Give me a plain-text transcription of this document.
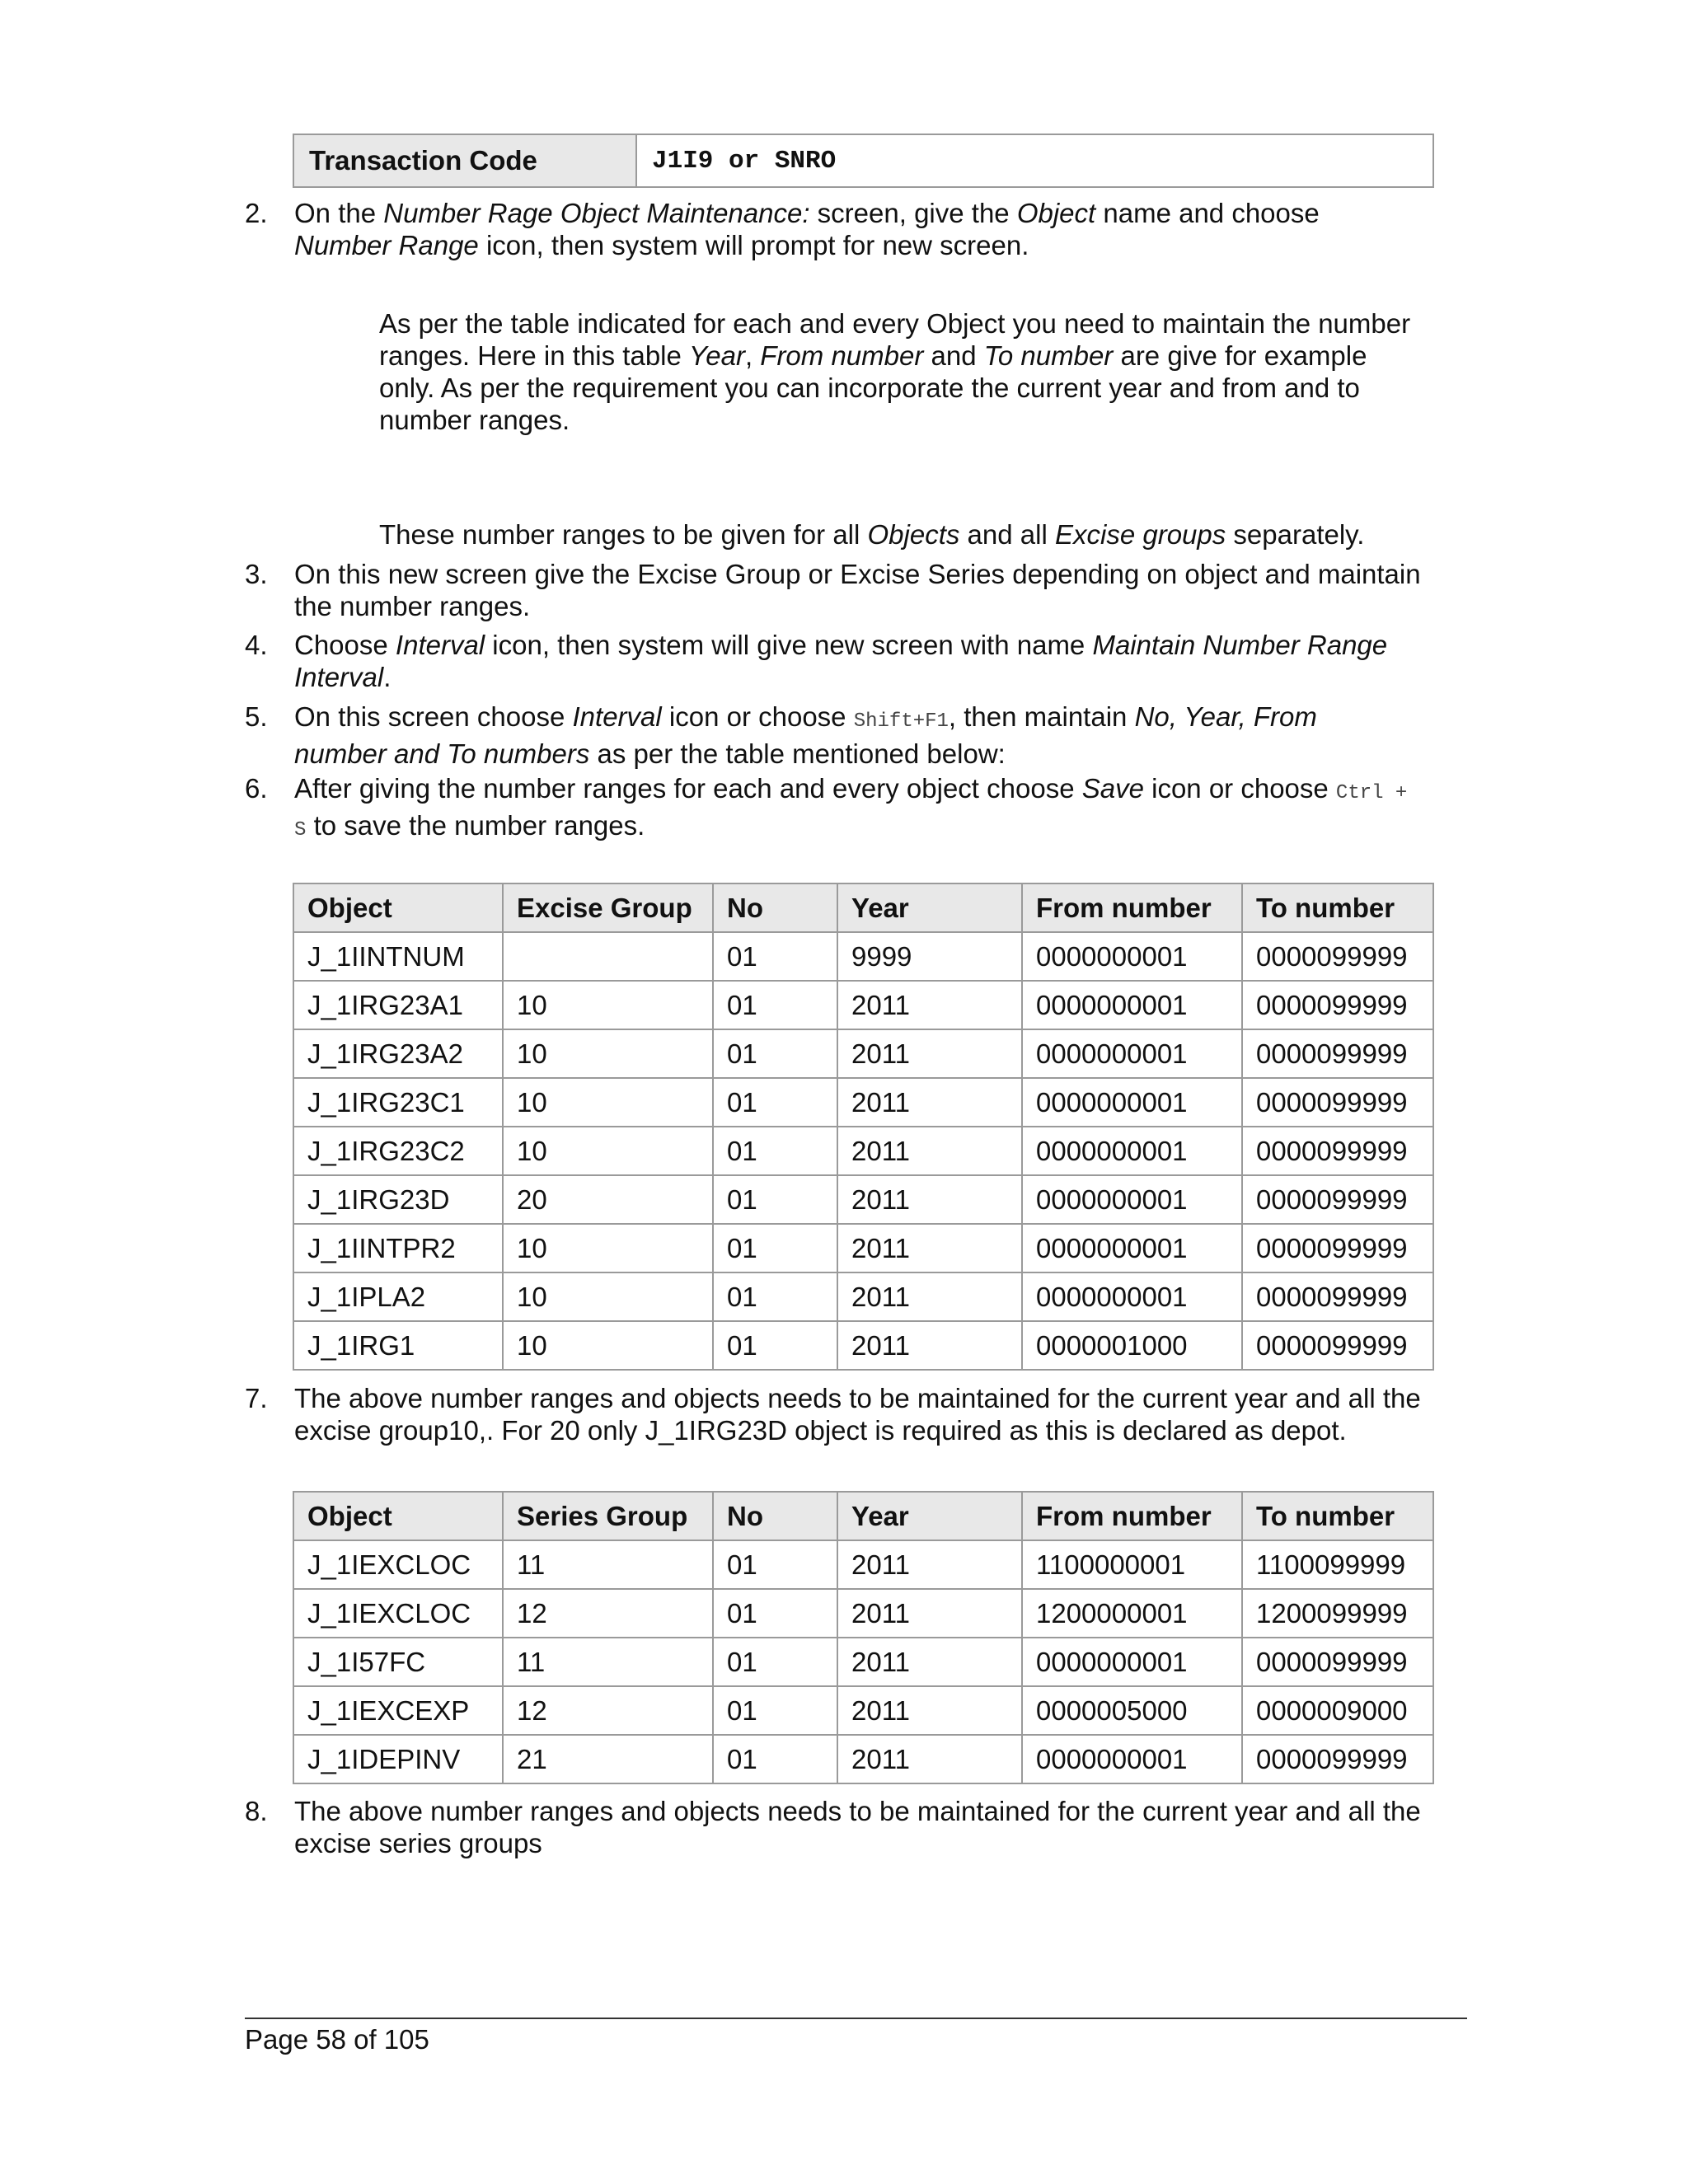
Transaction Code	J1I9 or SNRO
2. On the Number Rage Object Maintenance: screen, give the Object name and choose
Number Range icon, then system will prompt for new screen.
As per the table indicated for each and every Object you need to maintain the number
ranges. Here in this table Year, From number and To number are give for example
only. As per the requirement you can incorporate the current year and from and to
number ranges.
These number ranges to be given for all Objects and all Excise groups separately.
3. On this new screen give the Excise Group or Excise Series depending on object and maintain
the number ranges.
4. Choose Interval icon, then system will give new screen with name Maintain Number Range
Interval.
5. On this screen choose Interval icon or choose Shift+F1, then maintain No, Year, From
number and To numbers as per the table mentioned below:
6. After giving the number ranges for each and every object choose Save icon or choose Ctrl +
S to save the number ranges.
Object	Excise Group	No	Year	From number	To number
J_1IINTNUM		01	9999	0000000001	0000099999
J_1IRG23A1	10	01	2011	0000000001	0000099999
J_1IRG23A2	10	01	2011	0000000001	0000099999
J_1IRG23C1	10	01	2011	0000000001	0000099999
J_1IRG23C2	10	01	2011	0000000001	0000099999
J_1IRG23D	20	01	2011	0000000001	0000099999
J_1IINTPR2	10	01	2011	0000000001	0000099999
J_1IPLA2	10	01	2011	0000000001	0000099999
J_1IRG1	10	01	2011	0000001000	0000099999
7. The above number ranges and objects needs to be maintained for the current year and all the
excise group10,. For 20 only J_1IRG23D object is required as this is declared as depot.
Object	Series Group	No	Year	From number	To number
J_1IEXCLOC	11	01	2011	1100000001	1100099999
J_1IEXCLOC	12	01	2011	1200000001	1200099999
J_1I57FC	11	01	2011	0000000001	0000099999
J_1IEXCEXP	12	01	2011	0000005000	0000009000
J_1IDEPINV	21	01	2011	0000000001	0000099999
8. The above number ranges and objects needs to be maintained for the current year and all the
excise series groups
Page 58 of 105
